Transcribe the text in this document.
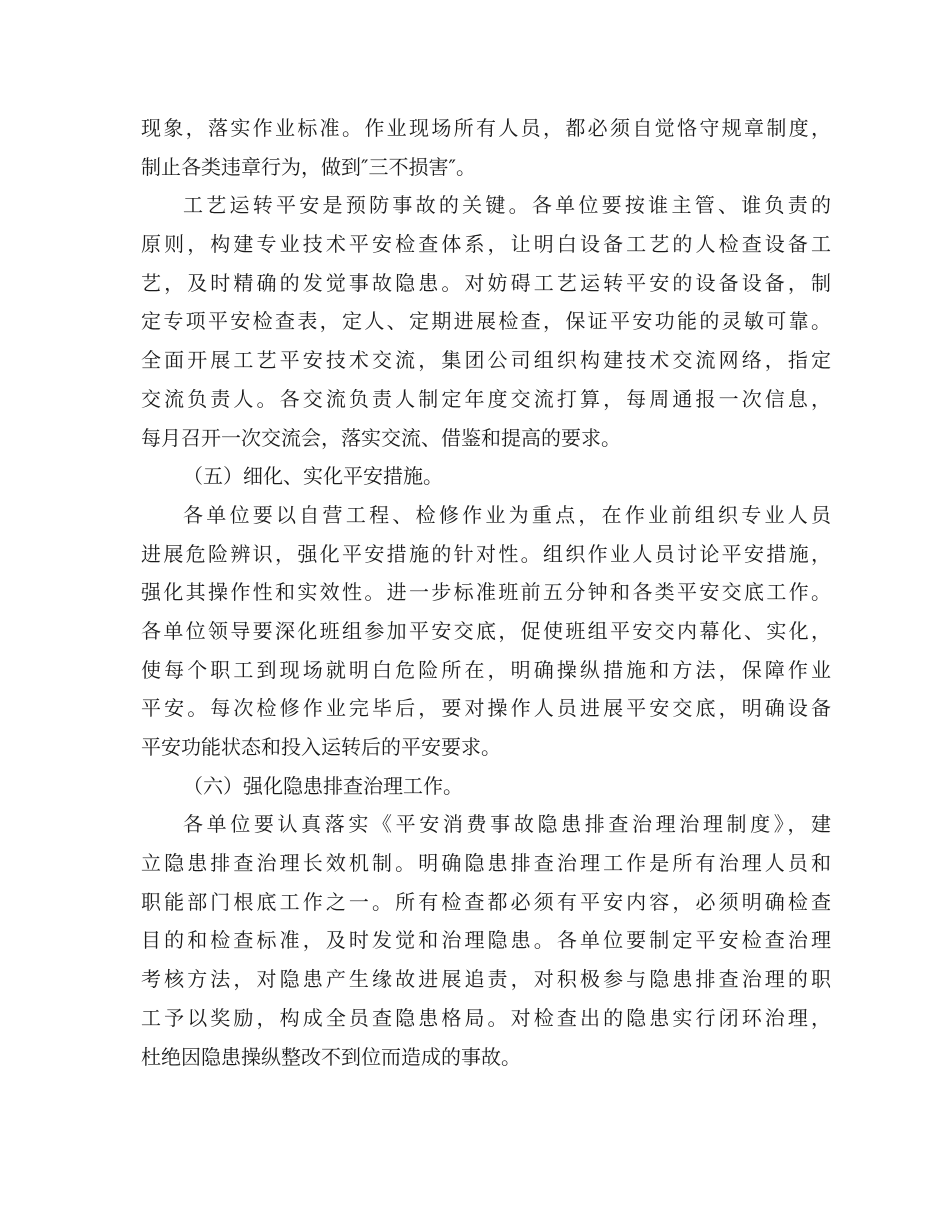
现象，落实作业标准。作业现场所有人员，都必须自觉恪守规章制度，
制止各类违章行为，做到″三不损害″。
工艺运转平安是预防事故的关键。各单位要按谁主管、谁负责的
原则，构建专业技术平安检查体系，让明白设备工艺的人检查设备工
艺，及时精确的发觉事故隐患。对妨碍工艺运转平安的设备设备，制
定专项平安检查表，定人、定期进展检查，保证平安功能的灵敏可靠。
全面开展工艺平安技术交流，集团公司组织构建技术交流网络，指定
交流负责人。各交流负责人制定年度交流打算，每周通报一次信息，
每月召开一次交流会，落实交流、借鉴和提高的要求。
（五）细化、实化平安措施。
各单位要以自营工程、检修作业为重点，在作业前组织专业人员
进展危险辨识，强化平安措施的针对性。组织作业人员讨论平安措施，
强化其操作性和实效性。进一步标准班前五分钟和各类平安交底工作。
各单位领导要深化班组参加平安交底，促使班组平安交内幕化、实化，
使每个职工到现场就明白危险所在，明确操纵措施和方法，保障作业
平安。每次检修作业完毕后，要对操作人员进展平安交底，明确设备
平安功能状态和投入运转后的平安要求。
（六）强化隐患排查治理工作。
各单位要认真落实《平安消费事故隐患排查治理治理制度》，建
立隐患排查治理长效机制。明确隐患排查治理工作是所有治理人员和
职能部门根底工作之一。所有检查都必须有平安内容，必须明确检查
目的和检查标准，及时发觉和治理隐患。各单位要制定平安检查治理
考核方法，对隐患产生缘故进展追责，对积极参与隐患排查治理的职
工予以奖励，构成全员查隐患格局。对检查出的隐患实行闭环治理，
杜绝因隐患操纵整改不到位而造成的事故。
